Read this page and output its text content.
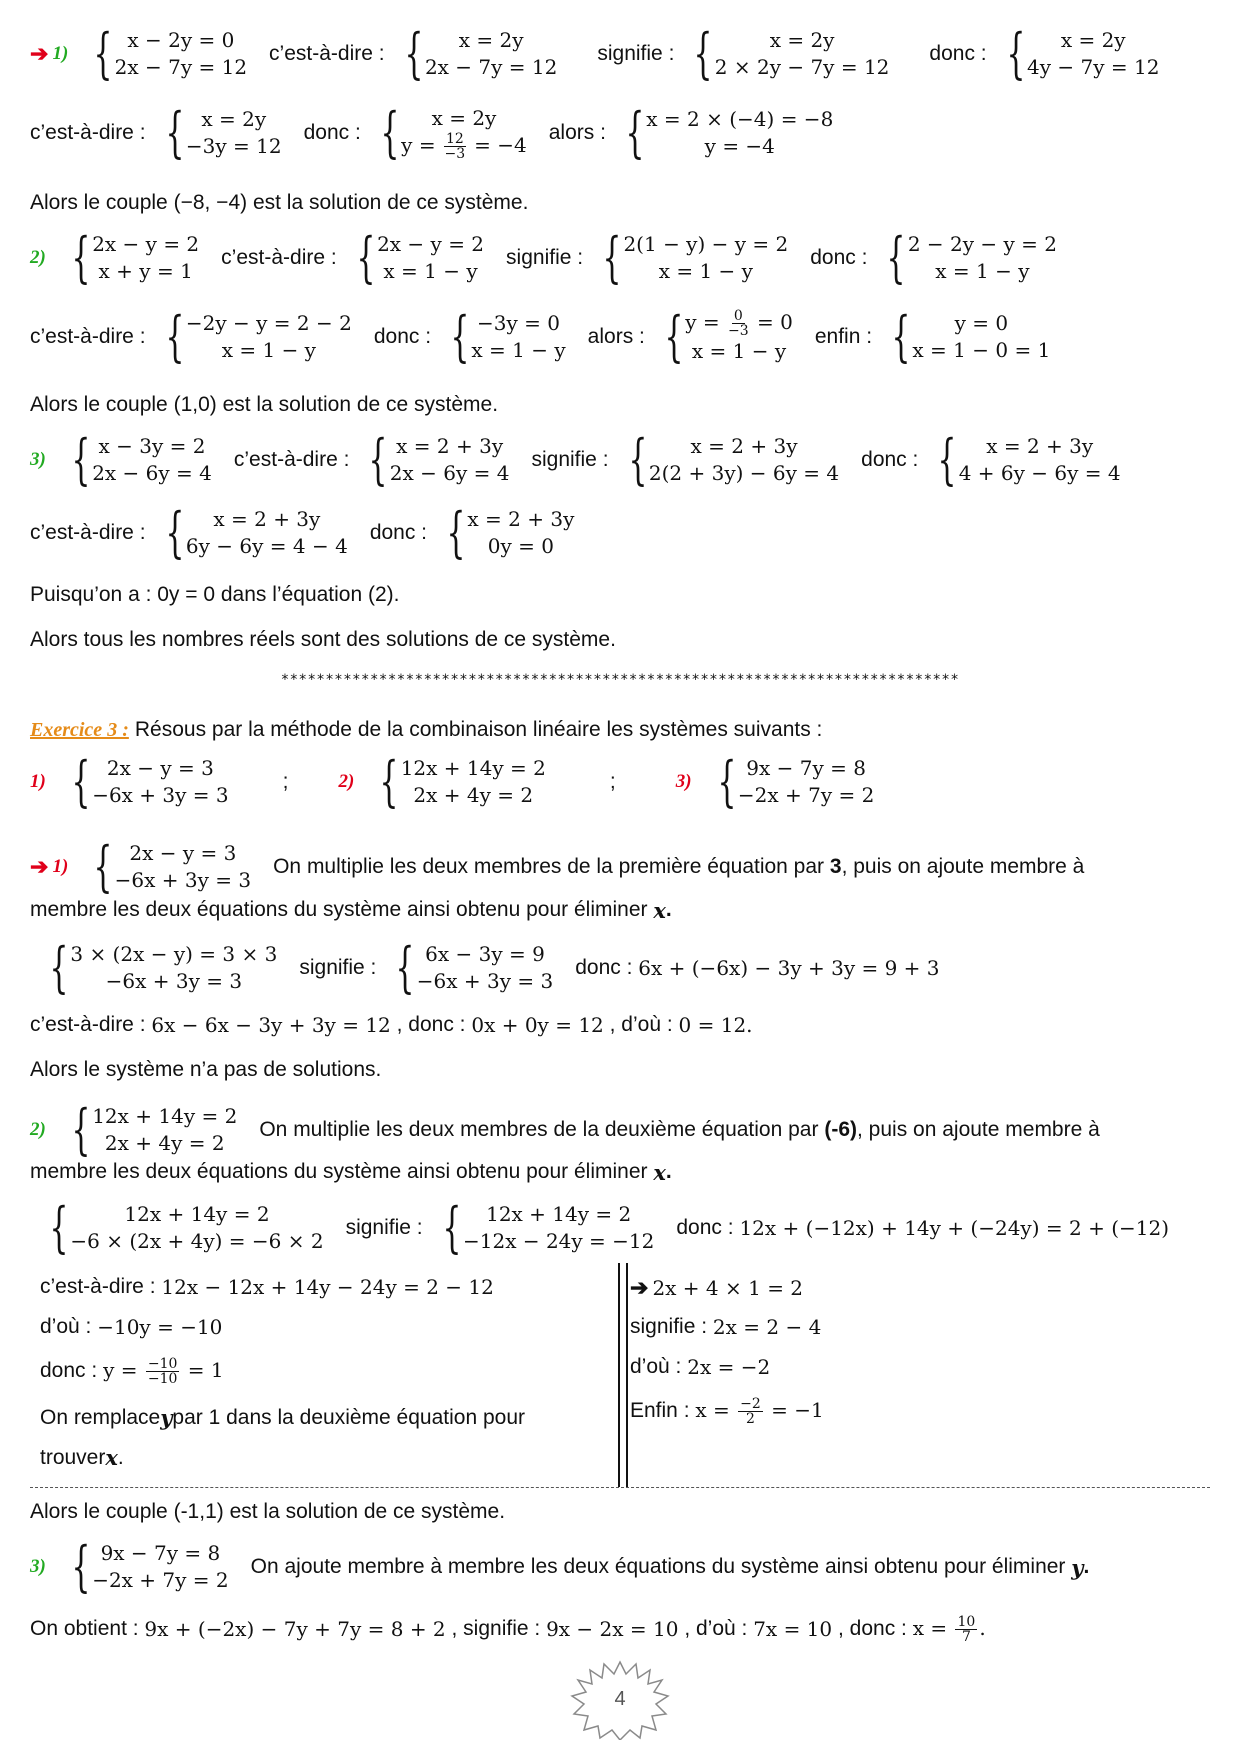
➔ 1) { x − 2y = 0
2x − 7y = 12
c’est-à-dire : {	x = 2y
2x − 7y = 12
signifie : {	x = 2y
2 × 2y − 7y = 12
donc : {	x = 2y
4y − 7y = 12
c’est-à-dire : { x = 2y
−3y = 12
donc : {	x = 2y
$y = \frac{12}{-3} = -4$
alors : { x = 2 × (−4) = −8
y = −4
Alors le couple (−8, −4) est la solution de ce système.
2) { 2x − y = 2
x + y = 1
c’est-à-dire : { 2x − y = 2
x = 1 − y
signifie : { 2(1 − y) − y = 2
x = 1 − y
donc : { 2 − 2y − y = 2
x = 1 − y
c’est-à-dire : { −2y − y = 2 − 2
x = 1 − y
donc : { −3y = 0
x = 1 − y
alors : { $y = \frac{0}{-3} = 0$
x = 1 − y
enfin : {	y = 0
x = 1 − 0 = 1
Alors le couple (1,0) est la solution de ce système.
3) { x − 3y = 2
2x − 6y = 4
c’est-à-dire : { x = 2 + 3y
2x − 6y = 4
signifie : {	x = 2 + 3y
2(2 + 3y) − 6y = 4
donc : {	x = 2 + 3y
4 + 6y − 6y = 4
c’est-à-dire : {	x = 2 + 3y
6y − 6y = 4 − 4
donc : { x = 2 + 3y
0y = 0
Puisqu’on a : 0y = 0 dans l’équation (2).
Alors tous les nombres réels sont des solutions de ce système.
****************************************************************************
Exercice 3 : Résous par la méthode de la combinaison linéaire les systèmes suivants :
1) { 2x − y = 3
−6x + 3y = 3
;	2) { 12x + 14y = 2
2x + 4y = 2
;	3) { 9x − 7y = 8
−2x + 7y = 2
➔ 1) { 2x − y = 3
−6x + 3y = 3
On multiplie les deux membres de la première équation par 3, puis on ajoute membre à
membre les deux équations du système ainsi obtenu pour éliminer
x .
{ 3 × (2x − y) = 3 × 3
−6x + 3y = 3
signifie : { 6x − 3y = 9
−6x + 3y = 3
donc :
6x + (−6x) − 3y + 3y = 9 + 3
c’est-à-dire :
6x − 6x − 3y + 3y = 12
, donc :
0x + 0y = 12
, d’où :
0 = 12.
Alors le système n’a pas de solutions.
2) { 12x + 14y = 2
2x + 4y = 2
On multiplie les deux membres de la deuxième équation par (-6), puis on ajoute membre à
membre les deux équations du système ainsi obtenu pour éliminer
x .
{	12x + 14y = 2
−6 × (2x + 4y) = −6 × 2
signifie : {	12x + 14y = 2
−12x − 24y = −12
donc :
12x + (−12x) + 14y + (−24y) = 2 + (−12)
c’est-à-dire :
12x − 12x + 14y − 24y = 2 − 12
d’où :
−10y = −10
donc :
$y = \frac{-10}{-10} = 1$
On remplace y par 1 dans la deuxième équation pour
trouver x .
➔ 2x + 4 × 1 = 2
signifie :
2x = 2 − 4
d’où :
2x = −2
Enfin :
$x = \frac{-2}{2} = -1$
Alors le couple (-1,1) est la solution de ce système.
3) { 9x − 7y = 8
−2x + 7y = 2
On ajoute membre à membre les deux équations du système ainsi obtenu pour éliminer
y .
On obtient :
9x + (−2x) − 7y + 7y = 8 + 2
, signifie :
9x − 2x = 10
, d’où :
7x = 10
, donc :
$x = \frac{10}{7}$ .
4
